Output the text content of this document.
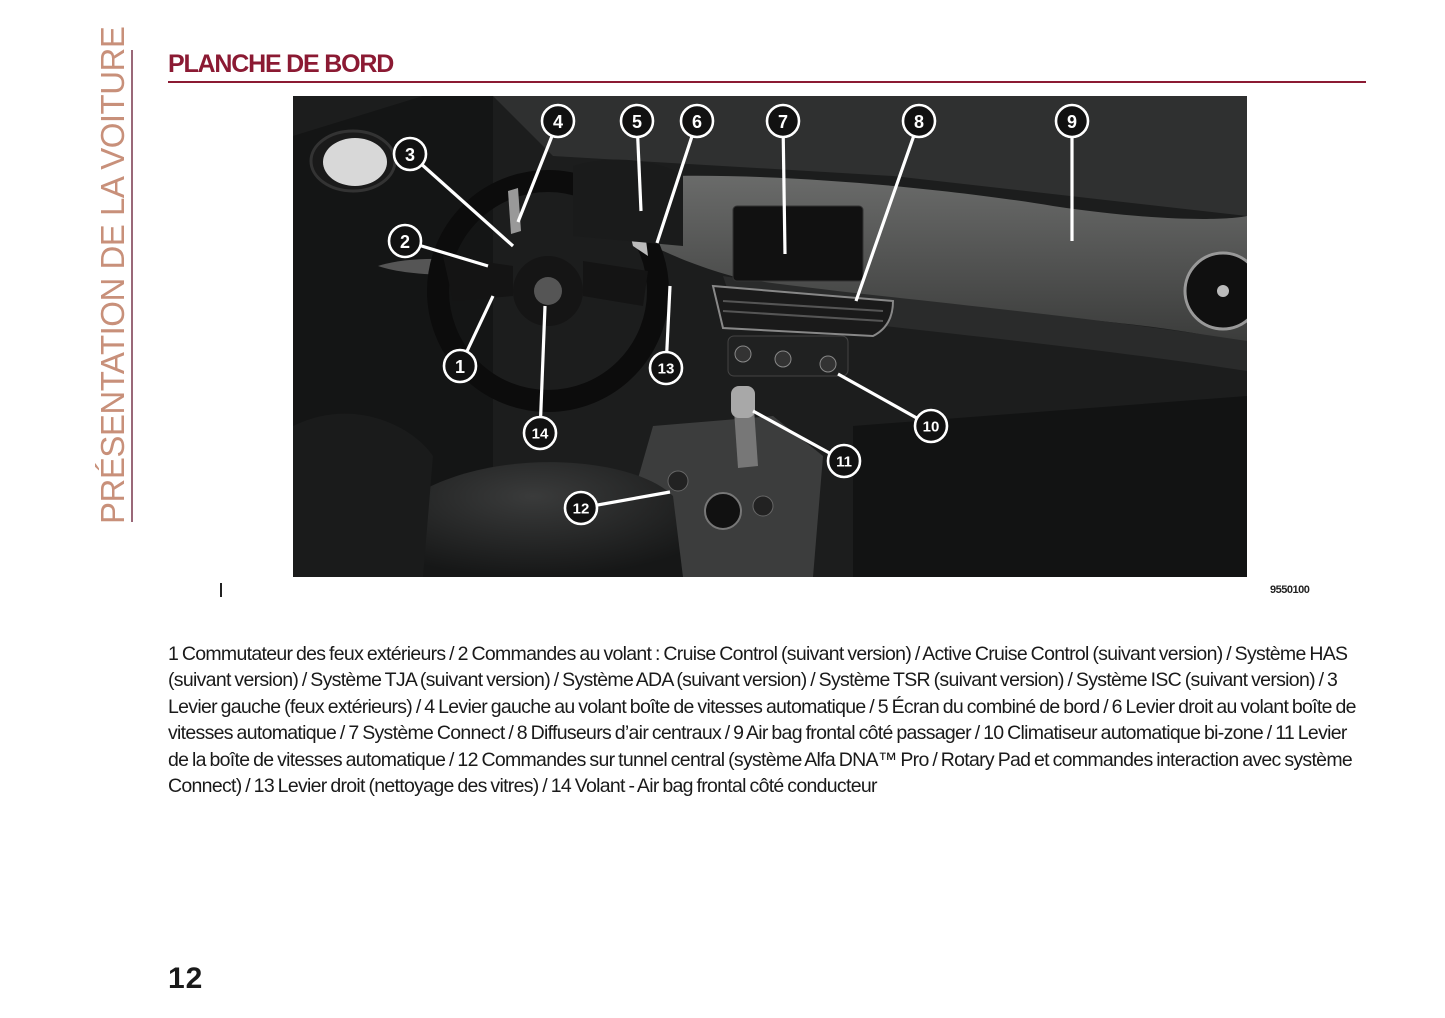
PRÉSENTATION DE LA VOITURE PLANCHE DE BORD
1
2
3
4	5	6	7	8	9
10
11
12
13
14
9550100

1 Commutateur des feux extérieurs / 2 Commandes au volant : Cruise Control (suivant version) / Active Cruise Control (suivant version) / Système HAS (suivant version) / Système TJA (suivant version) / Système ADA (suivant version) / Système TSR (suivant version) / Système ISC (suivant version) / 3 Levier gauche (feux extérieurs) / 4 Levier gauche au volant boîte de vitesses automatique / 5 Écran du combiné de bord / 6 Levier droit au volant boîte de vitesses automatique / 7 Système Connect / 8 Diffuseurs d’air centraux / 9 Air bag frontal côté passager / 10 Climatiseur automatique bi-zone / 11 Levier de la boîte de vitesses automatique / 12 Commandes sur tunnel central (système Alfa DNA™ Pro / Rotary Pad et commandes interaction avec système Connect) / 13 Levier droit (nettoyage des vitres) / 14 Volant - Air bag frontal côté conducteur

12
